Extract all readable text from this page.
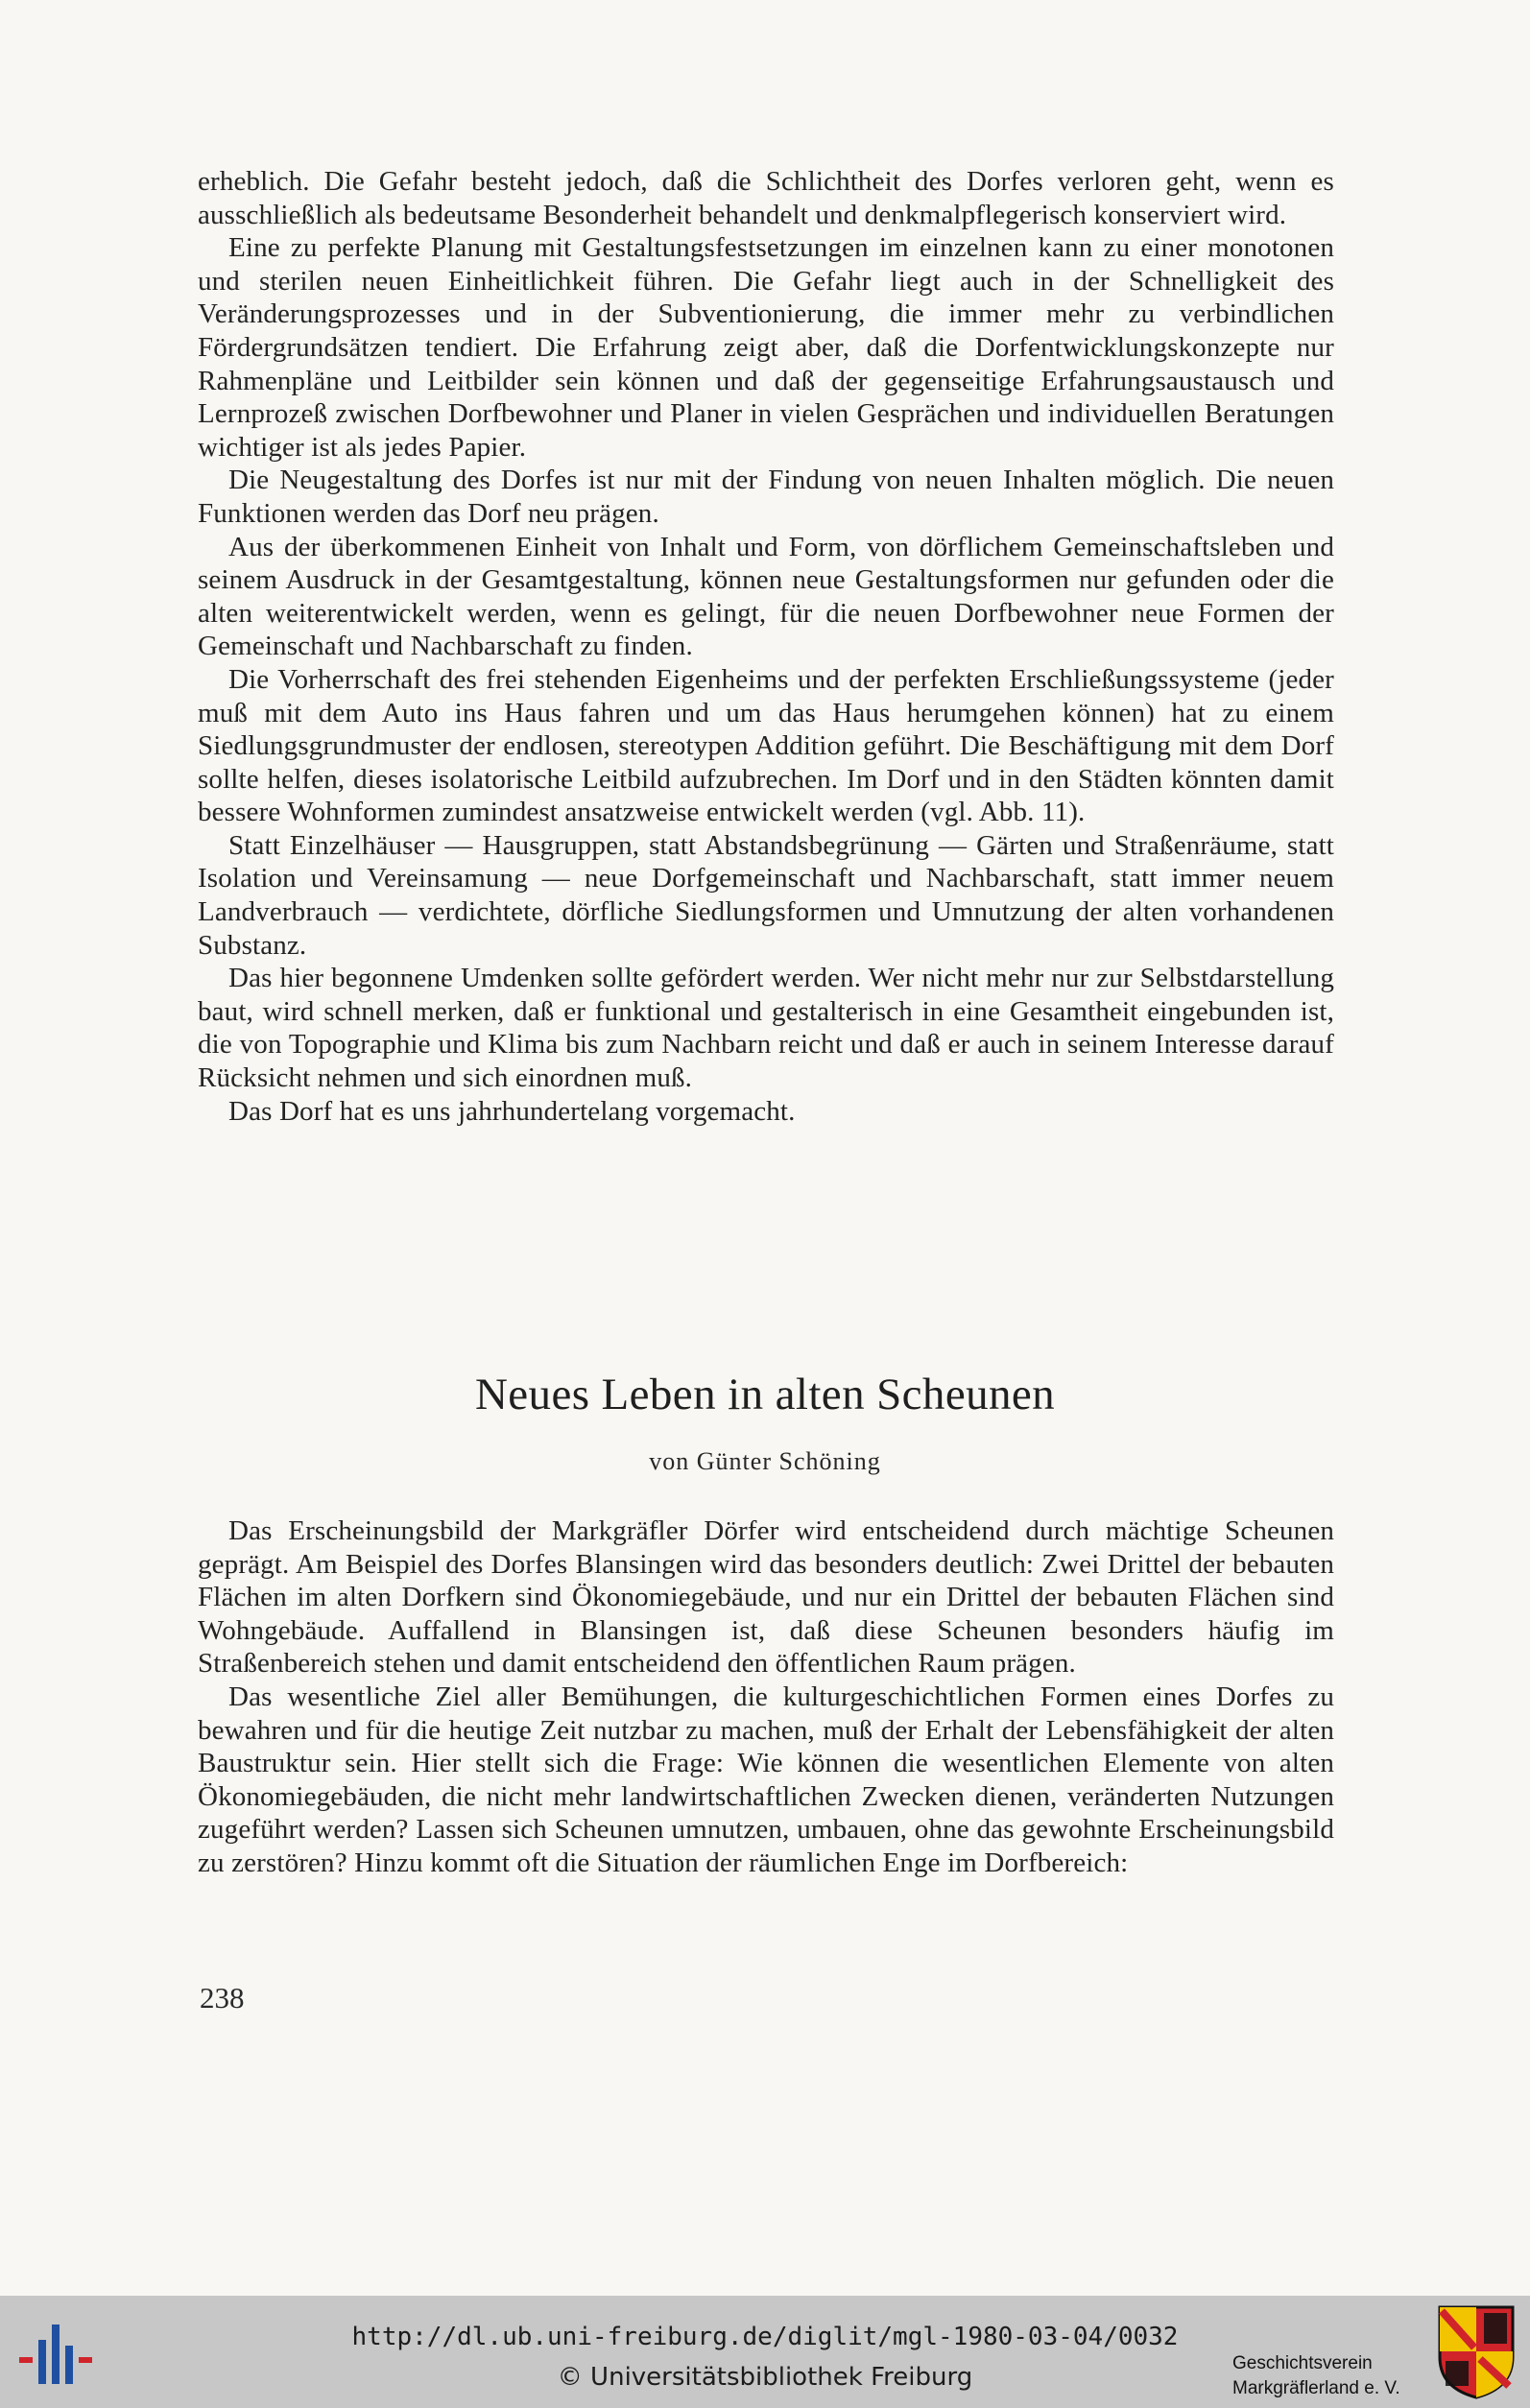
erheblich. Die Gefahr besteht jedoch, daß die Schlichtheit des Dorfes verloren geht, wenn es ausschließlich als bedeutsame Besonderheit behandelt und denkmalpflegerisch konserviert wird.

Eine zu perfekte Planung mit Gestaltungsfestsetzungen im einzelnen kann zu einer monotonen und sterilen neuen Einheitlichkeit führen. Die Gefahr liegt auch in der Schnelligkeit des Veränderungsprozesses und in der Subventionierung, die immer mehr zu verbindlichen Fördergrundsätzen tendiert. Die Erfahrung zeigt aber, daß die Dorfentwicklungskonzepte nur Rahmenpläne und Leitbilder sein können und daß der gegenseitige Erfahrungsaustausch und Lernprozeß zwischen Dorfbewohner und Planer in vielen Gesprächen und individuellen Beratungen wichtiger ist als jedes Papier.

Die Neugestaltung des Dorfes ist nur mit der Findung von neuen Inhalten möglich. Die neuen Funktionen werden das Dorf neu prägen.

Aus der überkommenen Einheit von Inhalt und Form, von dörflichem Gemeinschaftsleben und seinem Ausdruck in der Gesamtgestaltung, können neue Gestaltungsformen nur gefunden oder die alten weiterentwickelt werden, wenn es gelingt, für die neuen Dorfbewohner neue Formen der Gemeinschaft und Nachbarschaft zu finden.

Die Vorherrschaft des frei stehenden Eigenheims und der perfekten Erschließungssysteme (jeder muß mit dem Auto ins Haus fahren und um das Haus herumgehen können) hat zu einem Siedlungsgrundmuster der endlosen, stereotypen Addition geführt. Die Beschäftigung mit dem Dorf sollte helfen, dieses isolatorische Leitbild aufzubrechen. Im Dorf und in den Städten könnten damit bessere Wohnformen zumindest ansatzweise entwickelt werden (vgl. Abb. 11).

Statt Einzelhäuser — Hausgruppen, statt Abstandsbegrünung — Gärten und Straßenräume, statt Isolation und Vereinsamung — neue Dorfgemeinschaft und Nachbarschaft, statt immer neuem Landverbrauch — verdichtete, dörfliche Siedlungsformen und Umnutzung der alten vorhandenen Substanz.

Das hier begonnene Umdenken sollte gefördert werden. Wer nicht mehr nur zur Selbstdarstellung baut, wird schnell merken, daß er funktional und gestalterisch in eine Gesamtheit eingebunden ist, die von Topographie und Klima bis zum Nachbarn reicht und daß er auch in seinem Interesse darauf Rücksicht nehmen und sich einordnen muß.

Das Dorf hat es uns jahrhundertelang vorgemacht.

Neues Leben in alten Scheunen
von Günter Schöning

Das Erscheinungsbild der Markgräfler Dörfer wird entscheidend durch mächtige Scheunen geprägt. Am Beispiel des Dorfes Blansingen wird das besonders deutlich: Zwei Drittel der bebauten Flächen im alten Dorfkern sind Ökonomiegebäude, und nur ein Drittel der bebauten Flächen sind Wohngebäude. Auffallend in Blansingen ist, daß diese Scheunen besonders häufig im Straßenbereich stehen und damit entscheidend den öffentlichen Raum prägen.

Das wesentliche Ziel aller Bemühungen, die kulturgeschichtlichen Formen eines Dorfes zu bewahren und für die heutige Zeit nutzbar zu machen, muß der Erhalt der Lebensfähigkeit der alten Baustruktur sein. Hier stellt sich die Frage: Wie können die wesentlichen Elemente von alten Ökonomiegebäuden, die nicht mehr landwirtschaftlichen Zwecken dienen, veränderten Nutzungen zugeführt werden? Lassen sich Scheunen umnutzen, umbauen, ohne das gewohnte Erscheinungsbild zu zerstören? Hinzu kommt oft die Situation der räumlichen Enge im Dorfbereich:

238
http://dl.ub.uni-freiburg.de/diglit/mgl-1980-03-04/0032
© Universitätsbibliothek Freiburg	Geschichtsverein
Markgräflerland e. V.
